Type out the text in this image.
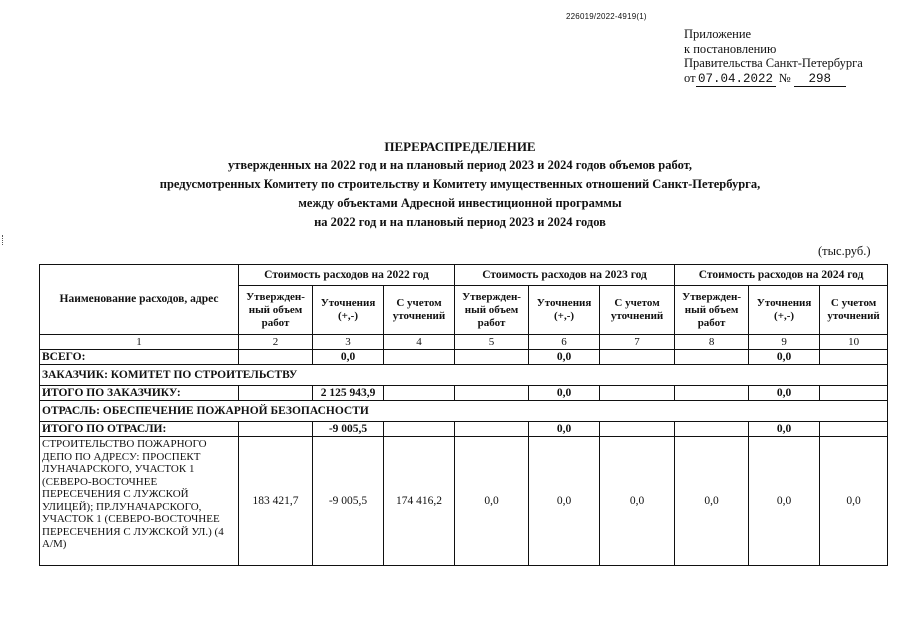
226019/2022-4919(1)
Приложение
к постановлению
Правительства Санкт-Петербурга
от 07.04.2022 № 298
ПЕРЕРАСПРЕДЕЛЕНИЕ
утвержденных на 2022 год и на плановый период 2023 и 2024 годов объемов работ,
предусмотренных Комитету по строительству и Комитету имущественных отношений Санкт-Петербурга,
между объектами Адресной инвестиционной программы
на 2022 год и на плановый период 2023 и 2024 годов
(тыс.руб.)
Наименование расходов, адрес	Стоимость расходов на 2022 год			Стоимость расходов на 2023 год			Стоимость расходов на 2024 год		
	Утвержден-ный объем работ	Уточнения (+,-)	С учетом уточнений	Утвержден-ный объем работ	Уточнения (+,-)	С учетом уточнений	Утвержден-ный объем работ	Уточнения (+,-)	С учетом уточнений
1	2	3	4	5	6	7	8	9	10
ВСЕГО:		0,0			0,0			0,0	
ЗАКАЗЧИК: КОМИТЕТ ПО СТРОИТЕЛЬСТВУ									
ИТОГО ПО ЗАКАЗЧИКУ:		2 125 943,9			0,0			0,0	
ОТРАСЛЬ: ОБЕСПЕЧЕНИЕ ПОЖАРНОЙ БЕЗОПАСНОСТИ									
ИТОГО ПО ОТРАСЛИ:		-9 005,5			0,0			0,0	
СТРОИТЕЛЬСТВО ПОЖАРНОГО ДЕПО ПО АДРЕСУ: ПРОСПЕКТ ЛУНАЧАРСКОГО, УЧАСТОК 1 (СЕВЕРО-ВОСТОЧНЕЕ ПЕРЕСЕЧЕНИЯ С ЛУЖСКОЙ УЛИЦЕЙ); ПР.ЛУНАЧАРСКОГО, УЧАСТОК 1 (СЕВЕРО-ВОСТОЧНЕЕ ПЕРЕСЕЧЕНИЯ С ЛУЖСКОЙ УЛ.) (4 А/М)	183 421,7	-9 005,5	174 416,2	0,0	0,0	0,0	0,0	0,0	0,0
